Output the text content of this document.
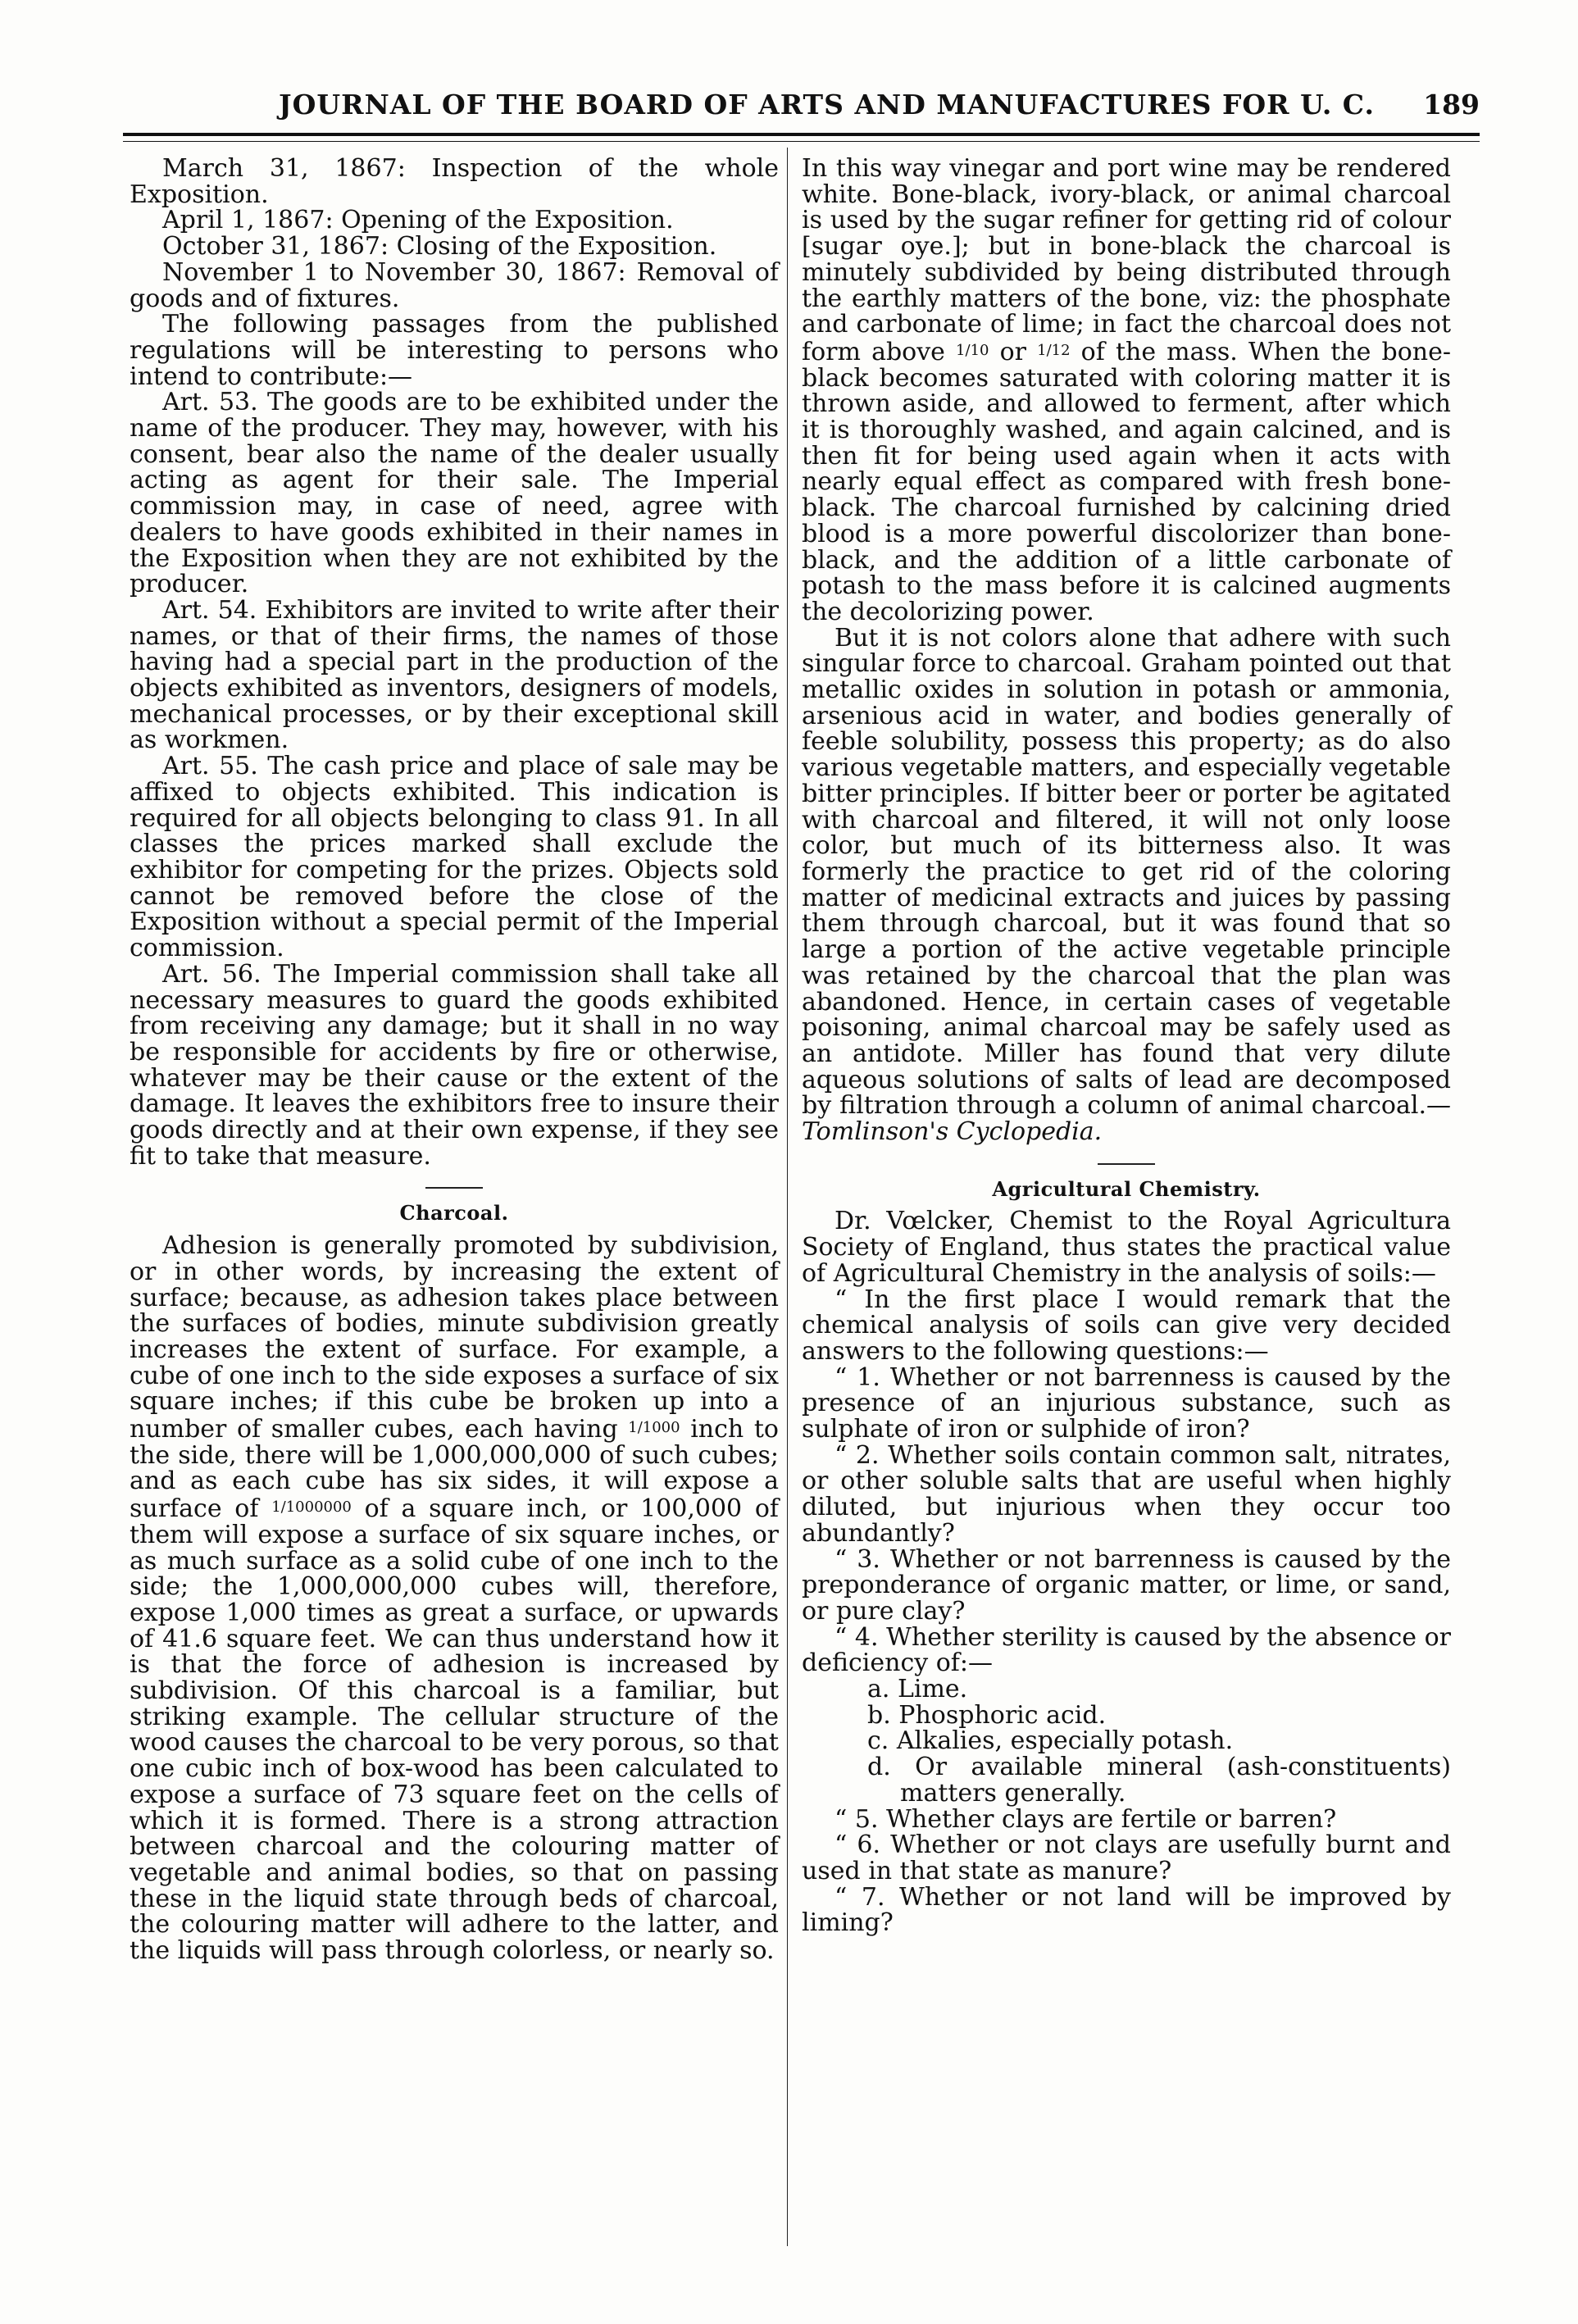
JOURNAL OF THE BOARD OF ARTS AND MANUFACTURES FOR U. C. 189

March 31, 1867: Inspection of the whole Exposition.

April 1, 1867: Opening of the Exposition.

October 31, 1867: Closing of the Exposition.

November 1 to November 30, 1867: Removal of goods and of fixtures.

The following passages from the published regulations will be interesting to persons who intend to contribute:—

Art. 53. The goods are to be exhibited under the name of the producer. They may, however, with his consent, bear also the name of the dealer usually acting as agent for their sale. The Imperial commission may, in case of need, agree with dealers to have goods exhibited in their names in the Exposition when they are not exhibited by the producer.

Art. 54. Exhibitors are invited to write after their names, or that of their firms, the names of those having had a special part in the production of the objects exhibited as inventors, designers of models, mechanical processes, or by their exceptional skill as workmen.

Art. 55. The cash price and place of sale may be affixed to objects exhibited. This indication is required for all objects belonging to class 91. In all classes the prices marked shall exclude the exhibitor for competing for the prizes. Objects sold cannot be removed before the close of the Exposition without a special permit of the Imperial commission.

Art. 56. The Imperial commission shall take all necessary measures to guard the goods exhibited from receiving any damage; but it shall in no way be responsible for accidents by fire or otherwise, whatever may be their cause or the extent of the damage. It leaves the exhibitors free to insure their goods directly and at their own expense, if they see fit to take that measure.

Charcoal.

Adhesion is generally promoted by subdivision, or in other words, by increasing the extent of surface; because, as adhesion takes place between the surfaces of bodies, minute subdivision greatly increases the extent of surface. For example, a cube of one inch to the side exposes a surface of six square inches; if this cube be broken up into a number of smaller cubes, each having $^{1/1000}$ inch to the side, there will be 1,000,000,000 of such cubes; and as each cube has six sides, it will expose a surface of $^{1/1000000}$ of a square inch, or 100,000 of them will expose a surface of six square inches, or as much surface as a solid cube of one inch to the side; the 1,000,000,000 cubes will, therefore, expose 1,000 times as great a surface, or upwards of 41.6 square feet. We can thus understand how it is that the force of adhesion is increased by subdivision. Of this charcoal is a familiar, but striking example. The cellular structure of the wood causes the charcoal to be very porous, so that one cubic inch of box-wood has been calculated to expose a surface of 73 square feet on the cells of which it is formed. There is a strong attraction between charcoal and the colouring matter of vegetable and animal bodies, so that on passing these in the liquid state through beds of charcoal, the colouring matter will adhere to the latter, and the liquids will pass through colorless, or nearly so.

In this way vinegar and port wine may be rendered white. Bone-black, ivory-black, or animal charcoal is used by the sugar refiner for getting rid of colour [sugar oye.]; but in bone-black the charcoal is minutely subdivided by being distributed through the earthly matters of the bone, viz: the phosphate and carbonate of lime; in fact the charcoal does not form above $^{1/10}$ or $^{1/12}$ of the mass. When the bone-black becomes saturated with coloring matter it is thrown aside, and allowed to ferment, after which it is thoroughly washed, and again calcined, and is then fit for being used again when it acts with nearly equal effect as compared with fresh bone-black. The charcoal furnished by calcining dried blood is a more powerful discolorizer than bone-black, and the addition of a little carbonate of potash to the mass before it is calcined augments the decolorizing power.

But it is not colors alone that adhere with such singular force to charcoal. Graham pointed out that metallic oxides in solution in potash or ammonia, arsenious acid in water, and bodies generally of feeble solubility, possess this property; as do also various vegetable matters, and especially vegetable bitter principles. If bitter beer or porter be agitated with charcoal and filtered, it will not only loose color, but much of its bitterness also. It was formerly the practice to get rid of the coloring matter of medicinal extracts and juices by passing them through charcoal, but it was found that so large a portion of the active vegetable principle was retained by the charcoal that the plan was abandoned. Hence, in certain cases of vegetable poisoning, animal charcoal may be safely used as an antidote. Miller has found that very dilute aqueous solutions of salts of lead are decomposed by filtration through a column of animal charcoal.—Tomlinson's Cyclopedia.

Agricultural Chemistry.

Dr. Vœlcker, Chemist to the Royal Agricultura Society of England, thus states the practical value of Agricultural Chemistry in the analysis of soils:—

“ In the first place I would remark that the chemical analysis of soils can give very decided answers to the following questions:—

“ 1. Whether or not barrenness is caused by the presence of an injurious substance, such as sulphate of iron or sulphide of iron?

“ 2. Whether soils contain common salt, nitrates, or other soluble salts that are useful when highly diluted, but injurious when they occur too abundantly?

“ 3. Whether or not barrenness is caused by the preponderance of organic matter, or lime, or sand, or pure clay?

“ 4. Whether sterility is caused by the absence or deficiency of:—

a. Lime.

b. Phosphoric acid.

c. Alkalies, especially potash.

d. Or available mineral (ash-constituents) matters generally.

“ 5. Whether clays are fertile or barren?

“ 6. Whether or not clays are usefully burnt and used in that state as manure?

“ 7. Whether or not land will be improved by liming?
